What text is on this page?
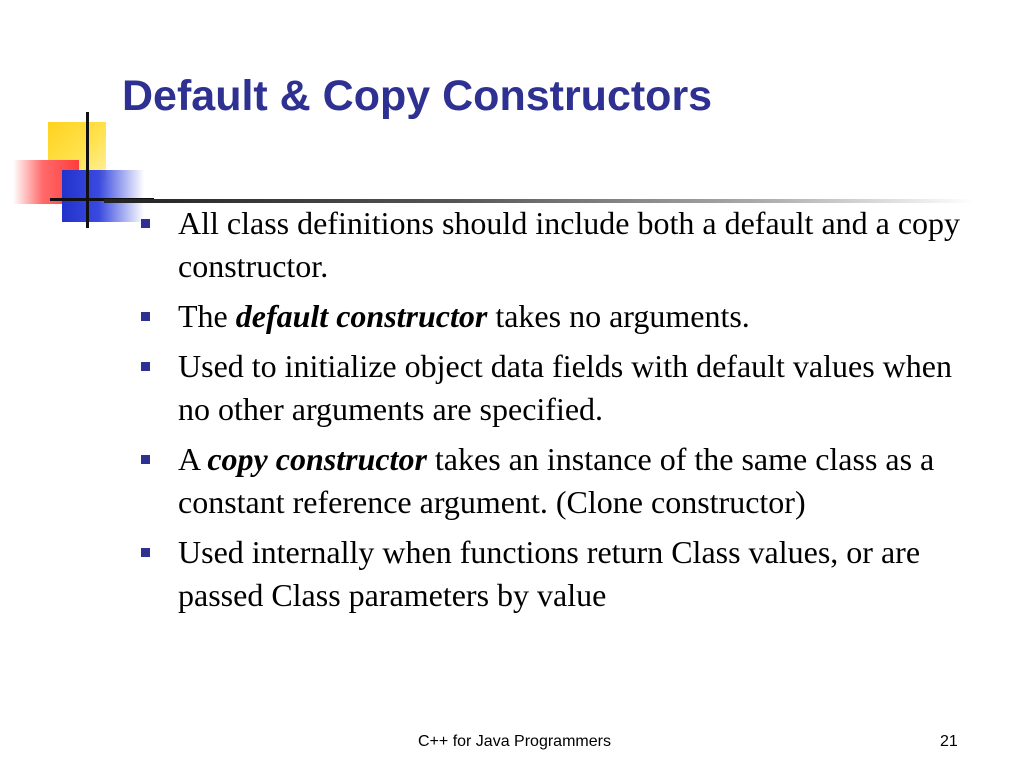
Default & Copy Constructors
All class definitions should include both a default and a copy constructor.
The default constructor takes no arguments.
Used to initialize object data fields with default values when no other arguments are specified.
A copy constructor takes an instance of the same class as a constant reference argument. (Clone constructor)
Used internally when functions return Class values, or are passed Class parameters by value
C++ for Java Programmers	21
